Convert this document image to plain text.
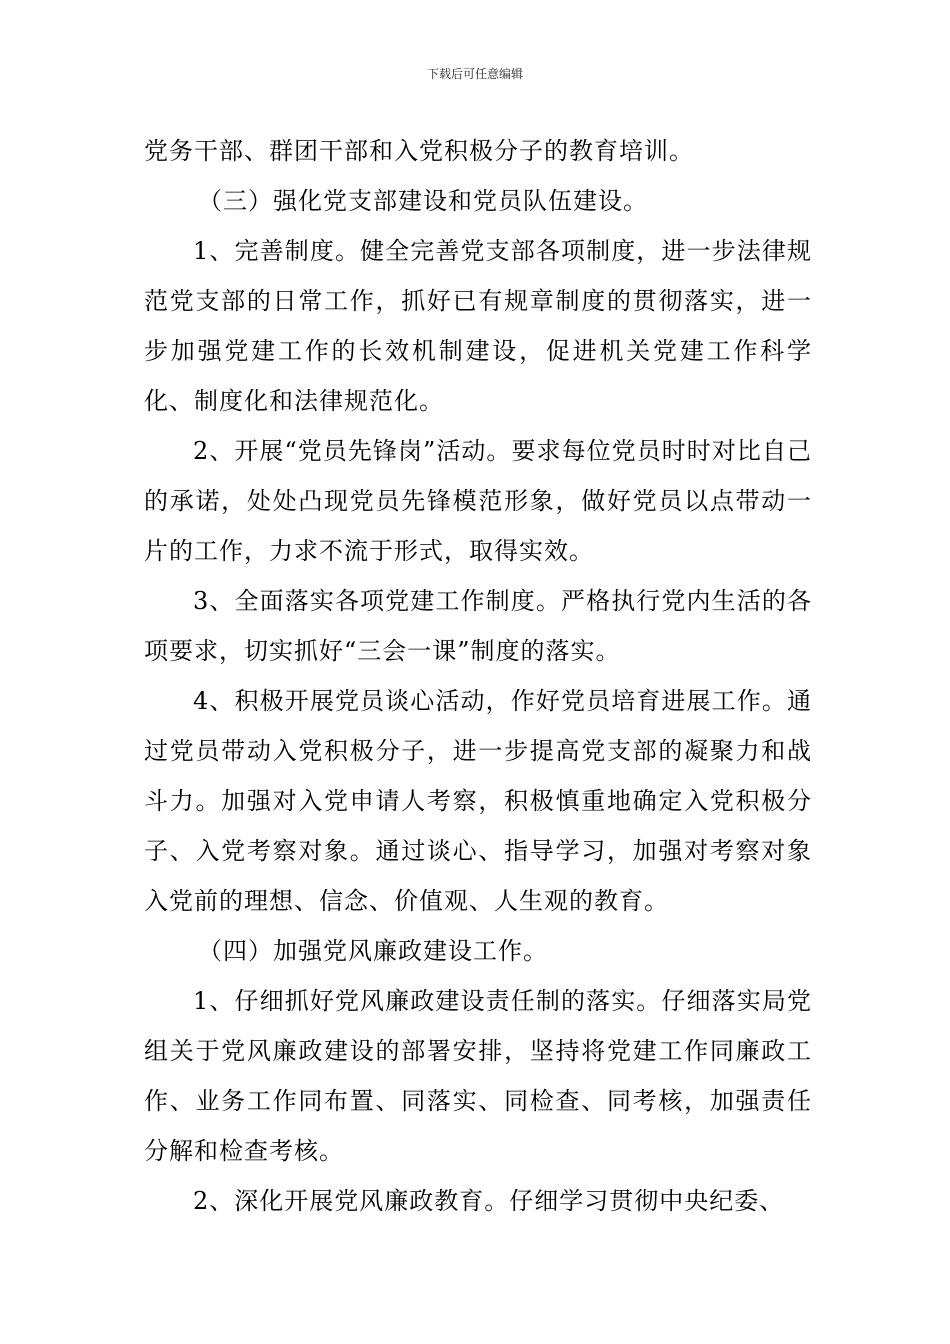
下载后可任意编辑

党务干部、群团干部和入党积极分子的教育培训。

（三）强化党支部建设和党员队伍建设。

1、完善制度。健全完善党支部各项制度，进一步法律规范党支部的日常工作，抓好已有规章制度的贯彻落实，进一步加强党建工作的长效机制建设，促进机关党建工作科学化、制度化和法律规范化。

2、开展“党员先锋岗”活动。要求每位党员时时对比自己的承诺，处处凸现党员先锋模范形象，做好党员以点带动一片的工作，力求不流于形式，取得实效。

3、全面落实各项党建工作制度。严格执行党内生活的各项要求，切实抓好“三会一课”制度的落实。

4、积极开展党员谈心活动，作好党员培育进展工作。通过党员带动入党积极分子，进一步提高党支部的凝聚力和战斗力。加强对入党申请人考察，积极慎重地确定入党积极分子、入党考察对象。通过谈心、指导学习，加强对考察对象入党前的理想、信念、价值观、人生观的教育。

（四）加强党风廉政建设工作。

1、仔细抓好党风廉政建设责任制的落实。仔细落实局党组关于党风廉政建设的部署安排，坚持将党建工作同廉政工作、业务工作同布置、同落实、同检查、同考核，加强责任分解和检查考核。

2、深化开展党风廉政教育。仔细学习贯彻中央纪委、
